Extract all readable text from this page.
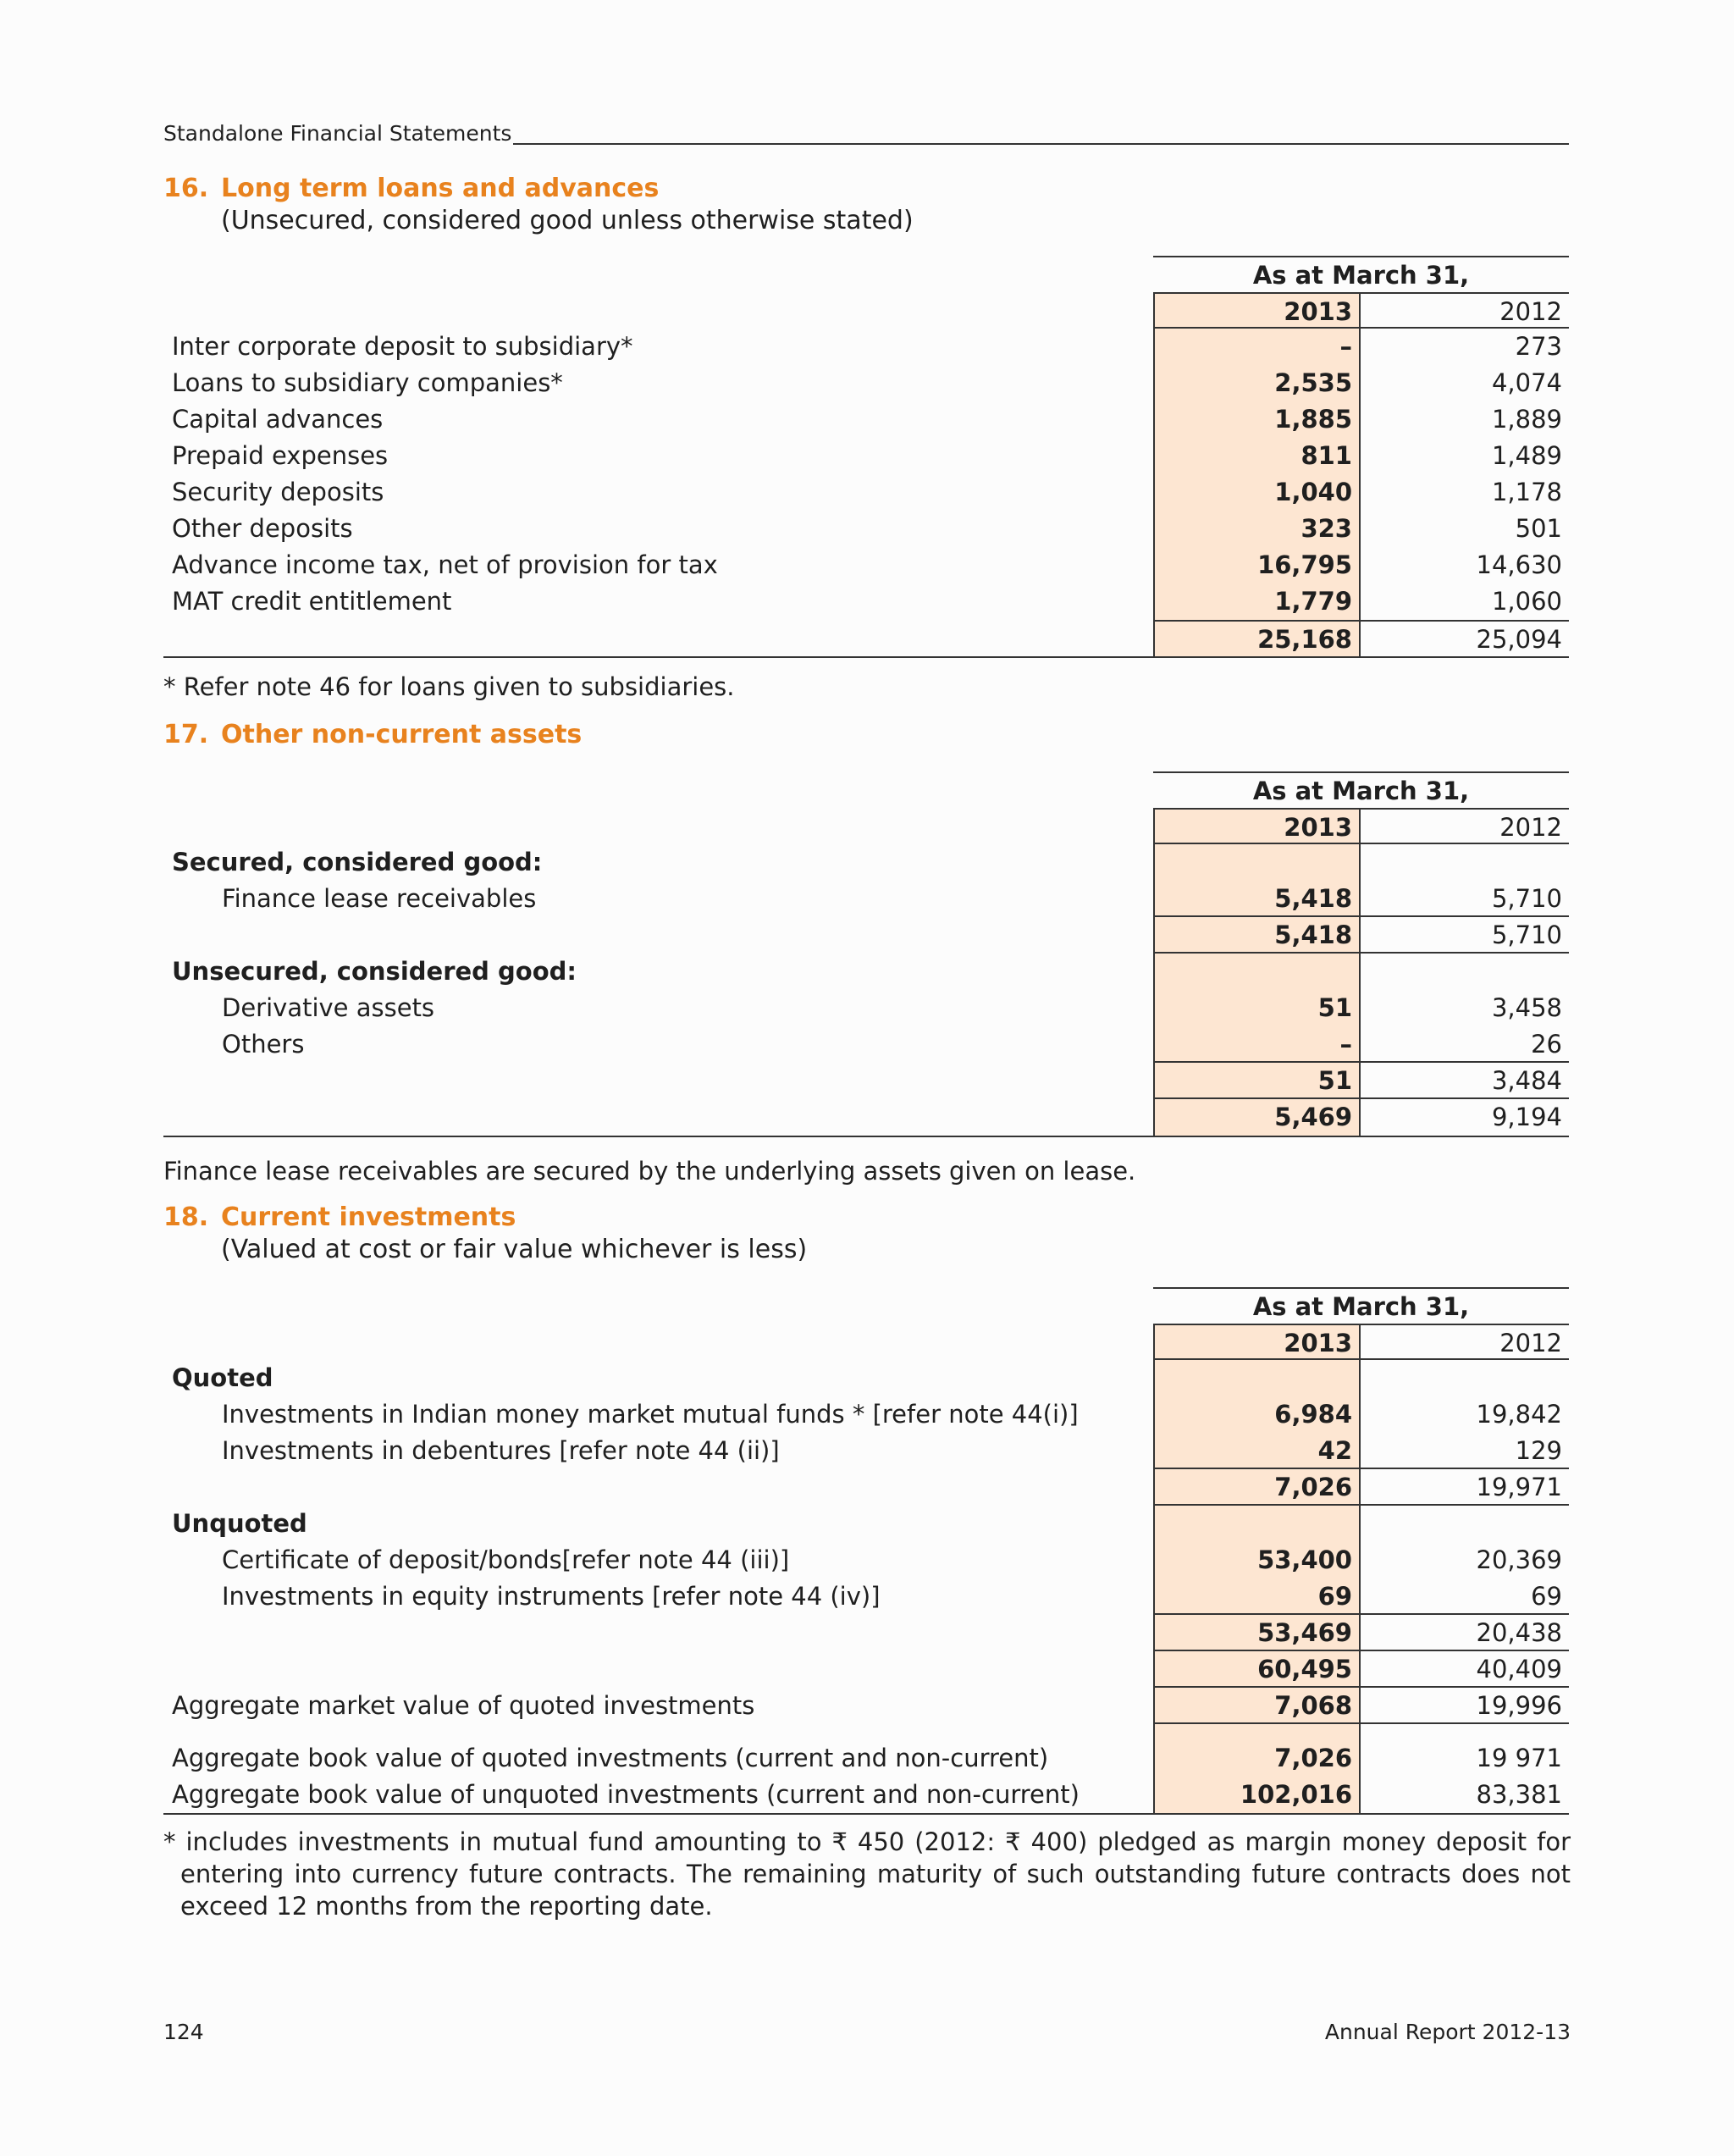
Standalone Financial Statements
16. Long term loans and advances
(Unsecured, considered good unless otherwise stated)
As at March 31,
2013	2012
Inter corporate deposit to subsidiary*	–	273
Loans to subsidiary companies*	2,535	4,074
Capital advances	1,885	1,889
Prepaid expenses	811	1,489
Security deposits	1,040	1,178
Other deposits	323	501
Advance income tax, net of provision for tax	16,795	14,630
MAT credit entitlement	1,779	1,060
25,168	25,094
* Refer note 46 for loans given to subsidiaries.
17. Other non-current assets
As at March 31,
2013	2012
Secured, considered good:
Finance lease receivables	5,418	5,710
5,418	5,710
Unsecured, considered good:
Derivative assets	51	3,458
Others	–	26
51	3,484
5,469	9,194
Finance lease receivables are secured by the underlying assets given on lease.
18. Current investments
(Valued at cost or fair value whichever is less)
As at March 31,
2013	2012
Quoted
Investments in Indian money market mutual funds * [refer note 44(i)]	6,984	19,842
Investments in debentures [refer note 44 (ii)]	42	129
7,026	19,971
Unquoted
Certificate of deposit/bonds[refer note 44 (iii)]	53,400	20,369
Investments in equity instruments [refer note 44 (iv)]	69	69
53,469	20,438
60,495	40,409
Aggregate market value of quoted investments	7,068	19,996
Aggregate book value of quoted investments (current and non-current)	7,026	19 971
Aggregate book value of unquoted investments (current and non-current)	102,016	83,381
* includes investments in mutual fund amounting to ₹ 450 (2012: ₹ 400) pledged as margin money deposit for entering into currency future contracts. The remaining maturity of such outstanding future contracts does not exceed 12 months from the reporting date.
124	Annual Report 2012-13
